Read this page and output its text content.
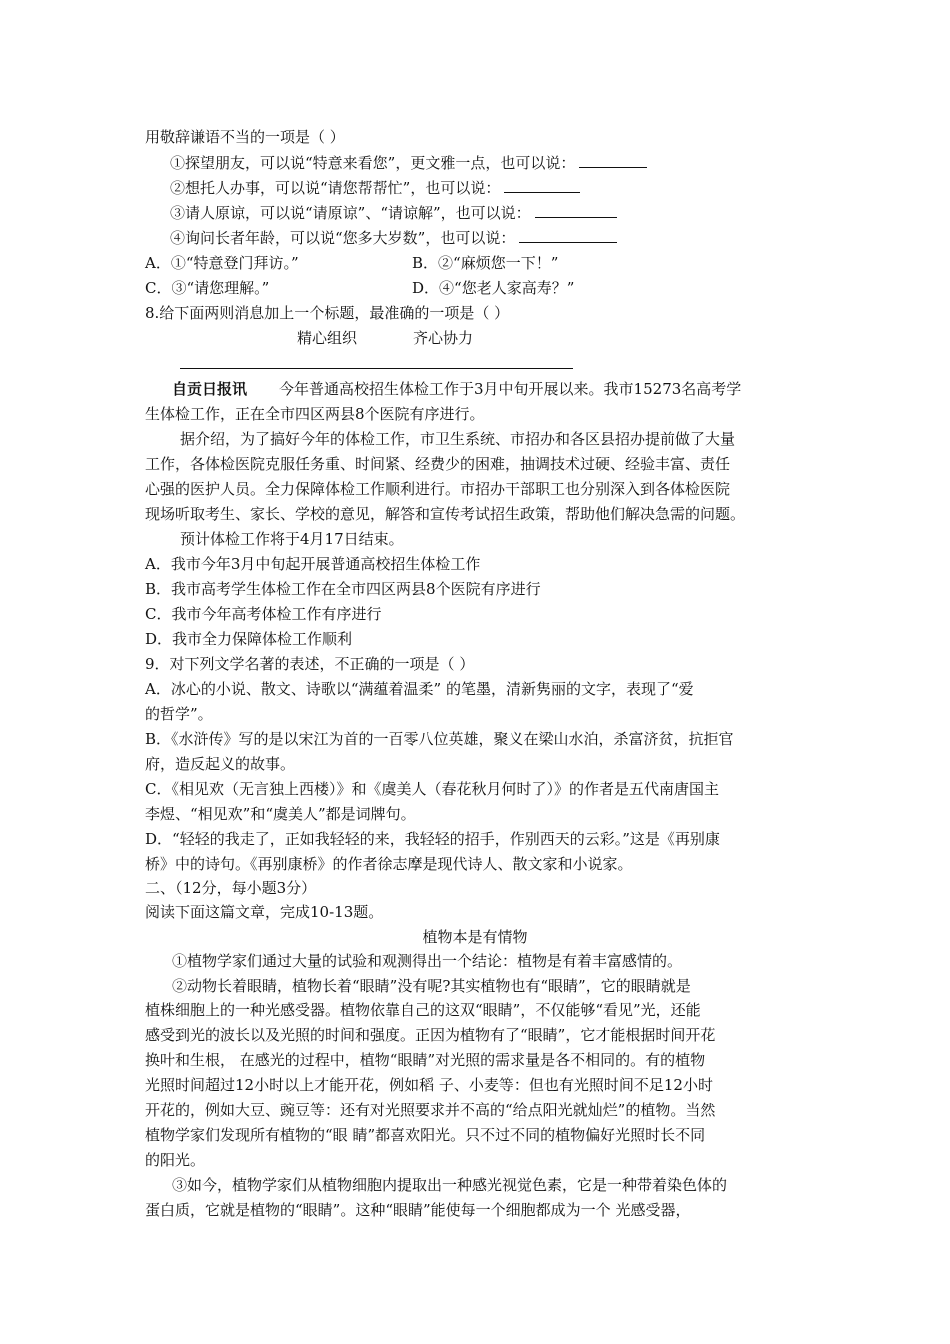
用敬辞谦语不当的一项是（ ）
①探望朋友，可以说“特意来看您”，更文雅一点，也可以说：
②想托人办事，可以说“请您帮帮忙”，也可以说：
③请人原谅，可以说“请原谅”、“请谅解”，也可以说：
④询问长者年龄，可以说“您多大岁数”，也可以说：
A．①“特意登门拜访。”	B．②“麻烦您一下！”
C．③“请您理解。”	D．④“您老人家高寿？”
8.给下面两则消息加上一个标题，最准确的一项是（ ）
精心组织	齐心协力
自贡日报讯 今年普通高校招生体检工作于3月中旬开展以来。我市15273名高考学
生体检工作，正在全市四区两县8个医院有序进行。
据介绍，为了搞好今年的体检工作，市卫生系统、市招办和各区县招办提前做了大量
工作，各体检医院克服任务重、时间紧、经费少的困难，抽调技术过硬、经验丰富、责任
心强的医护人员。全力保障体检工作顺利进行。市招办干部职工也分别深入到各体检医院
现场听取考生、家长、学校的意见，解答和宣传考试招生政策，帮助他们解决急需的问题。
预计体检工作将于4月17日结束。
A．我市今年3月中旬起开展普通高校招生体检工作
B．我市高考学生体检工作在全市四区两县8个医院有序进行
C．我市今年高考体检工作有序进行
D．我市全力保障体检工作顺利
9．对下列文学名著的表述，不正确的一项是（ ）
A．冰心的小说、散文、诗歌以“满蕴着温柔” 的笔墨，清新隽丽的文字，表现了“爱
的哲学”。
B．《水浒传》写的是以宋江为首的一百零八位英雄，聚义在梁山水泊，杀富济贫，抗拒官
府，造反起义的故事。
C．《相见欢（无言独上西楼）》和《虞美人（春花秋月何时了）》的作者是五代南唐国主
李煜、“相见欢”和“虞美人”都是词牌句。
D．“轻轻的我走了，正如我轻轻的来，我轻轻的招手，作别西天的云彩。”这是《再别康
桥》中的诗句。《再别康桥》的作者徐志摩是现代诗人、散文家和小说家。
二、（12分，每小题3分）
阅读下面这篇文章，完成10-13题。
植物本是有情物
①植物学家们通过大量的试验和观测得出一个结论：植物是有着丰富感情的。
②动物长着眼睛，植物长着“眼睛”没有呢?其实植物也有“眼睛”，它的眼睛就是
植株细胞上的一种光感受器。植物依靠自己的这双“眼睛”，不仅能够“看见”光，还能
感受到光的波长以及光照的时间和强度。正因为植物有了“眼睛”，它才能根据时间开花
换叶和生根， 在感光的过程中，植物“眼睛”对光照的需求量是各不相同的。有的植物
光照时间超过12小时以上才能开花，例如稻 子、小麦等：但也有光照时间不足12小时
开花的，例如大豆、豌豆等：还有对光照要求并不高的“给点阳光就灿烂”的植物。当然
植物学家们发现所有植物的“眼 睛”都喜欢阳光。只不过不同的植物偏好光照时长不同
的阳光。
③如今，植物学家们从植物细胞内提取出一种感光视觉色素，它是一种带着染色体的
蛋白质，它就是植物的“眼睛”。这种“眼睛”能使每一个细胞都成为一个 光感受器，
